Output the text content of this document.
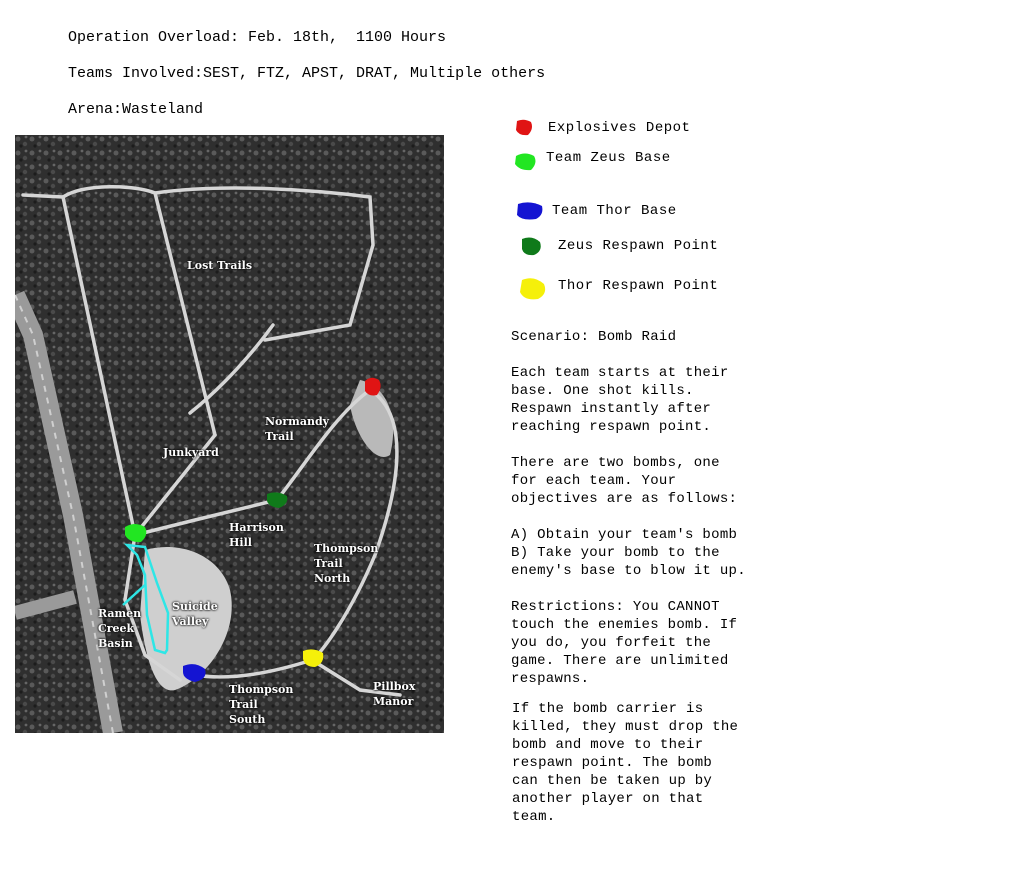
Operation Overload: Feb. 18th,  1100 Hours
Teams Involved:SEST, FTZ, APST, DRAT, Multiple others
Arena:Wasteland
Lost Trails
Normandy
Trail
Junkyard
Harrison
Hill	Thompson
Trail
North
Ramen
Creek
Basin
Suicide
Valley
Thompson
Trail
South
Pillbox
Manor
Explosives Depot
Team Zeus Base
Team Thor Base
Zeus Respawn Point
Thor Respawn Point
Scenario: Bomb Raid
Each team starts at their
base. One shot kills.
Respawn instantly after
reaching respawn point.
There are two bombs, one
for each team. Your
objectives are as follows:
A) Obtain your team's bomb
B) Take your bomb to the
enemy's base to blow it up.
Restrictions: You CANNOT
touch the enemies bomb. If
you do, you forfeit the
game. There are unlimited
respawns.
If the bomb carrier is
killed, they must drop the
bomb and move to their
respawn point. The bomb
can then be taken up by
another player on that
team.
